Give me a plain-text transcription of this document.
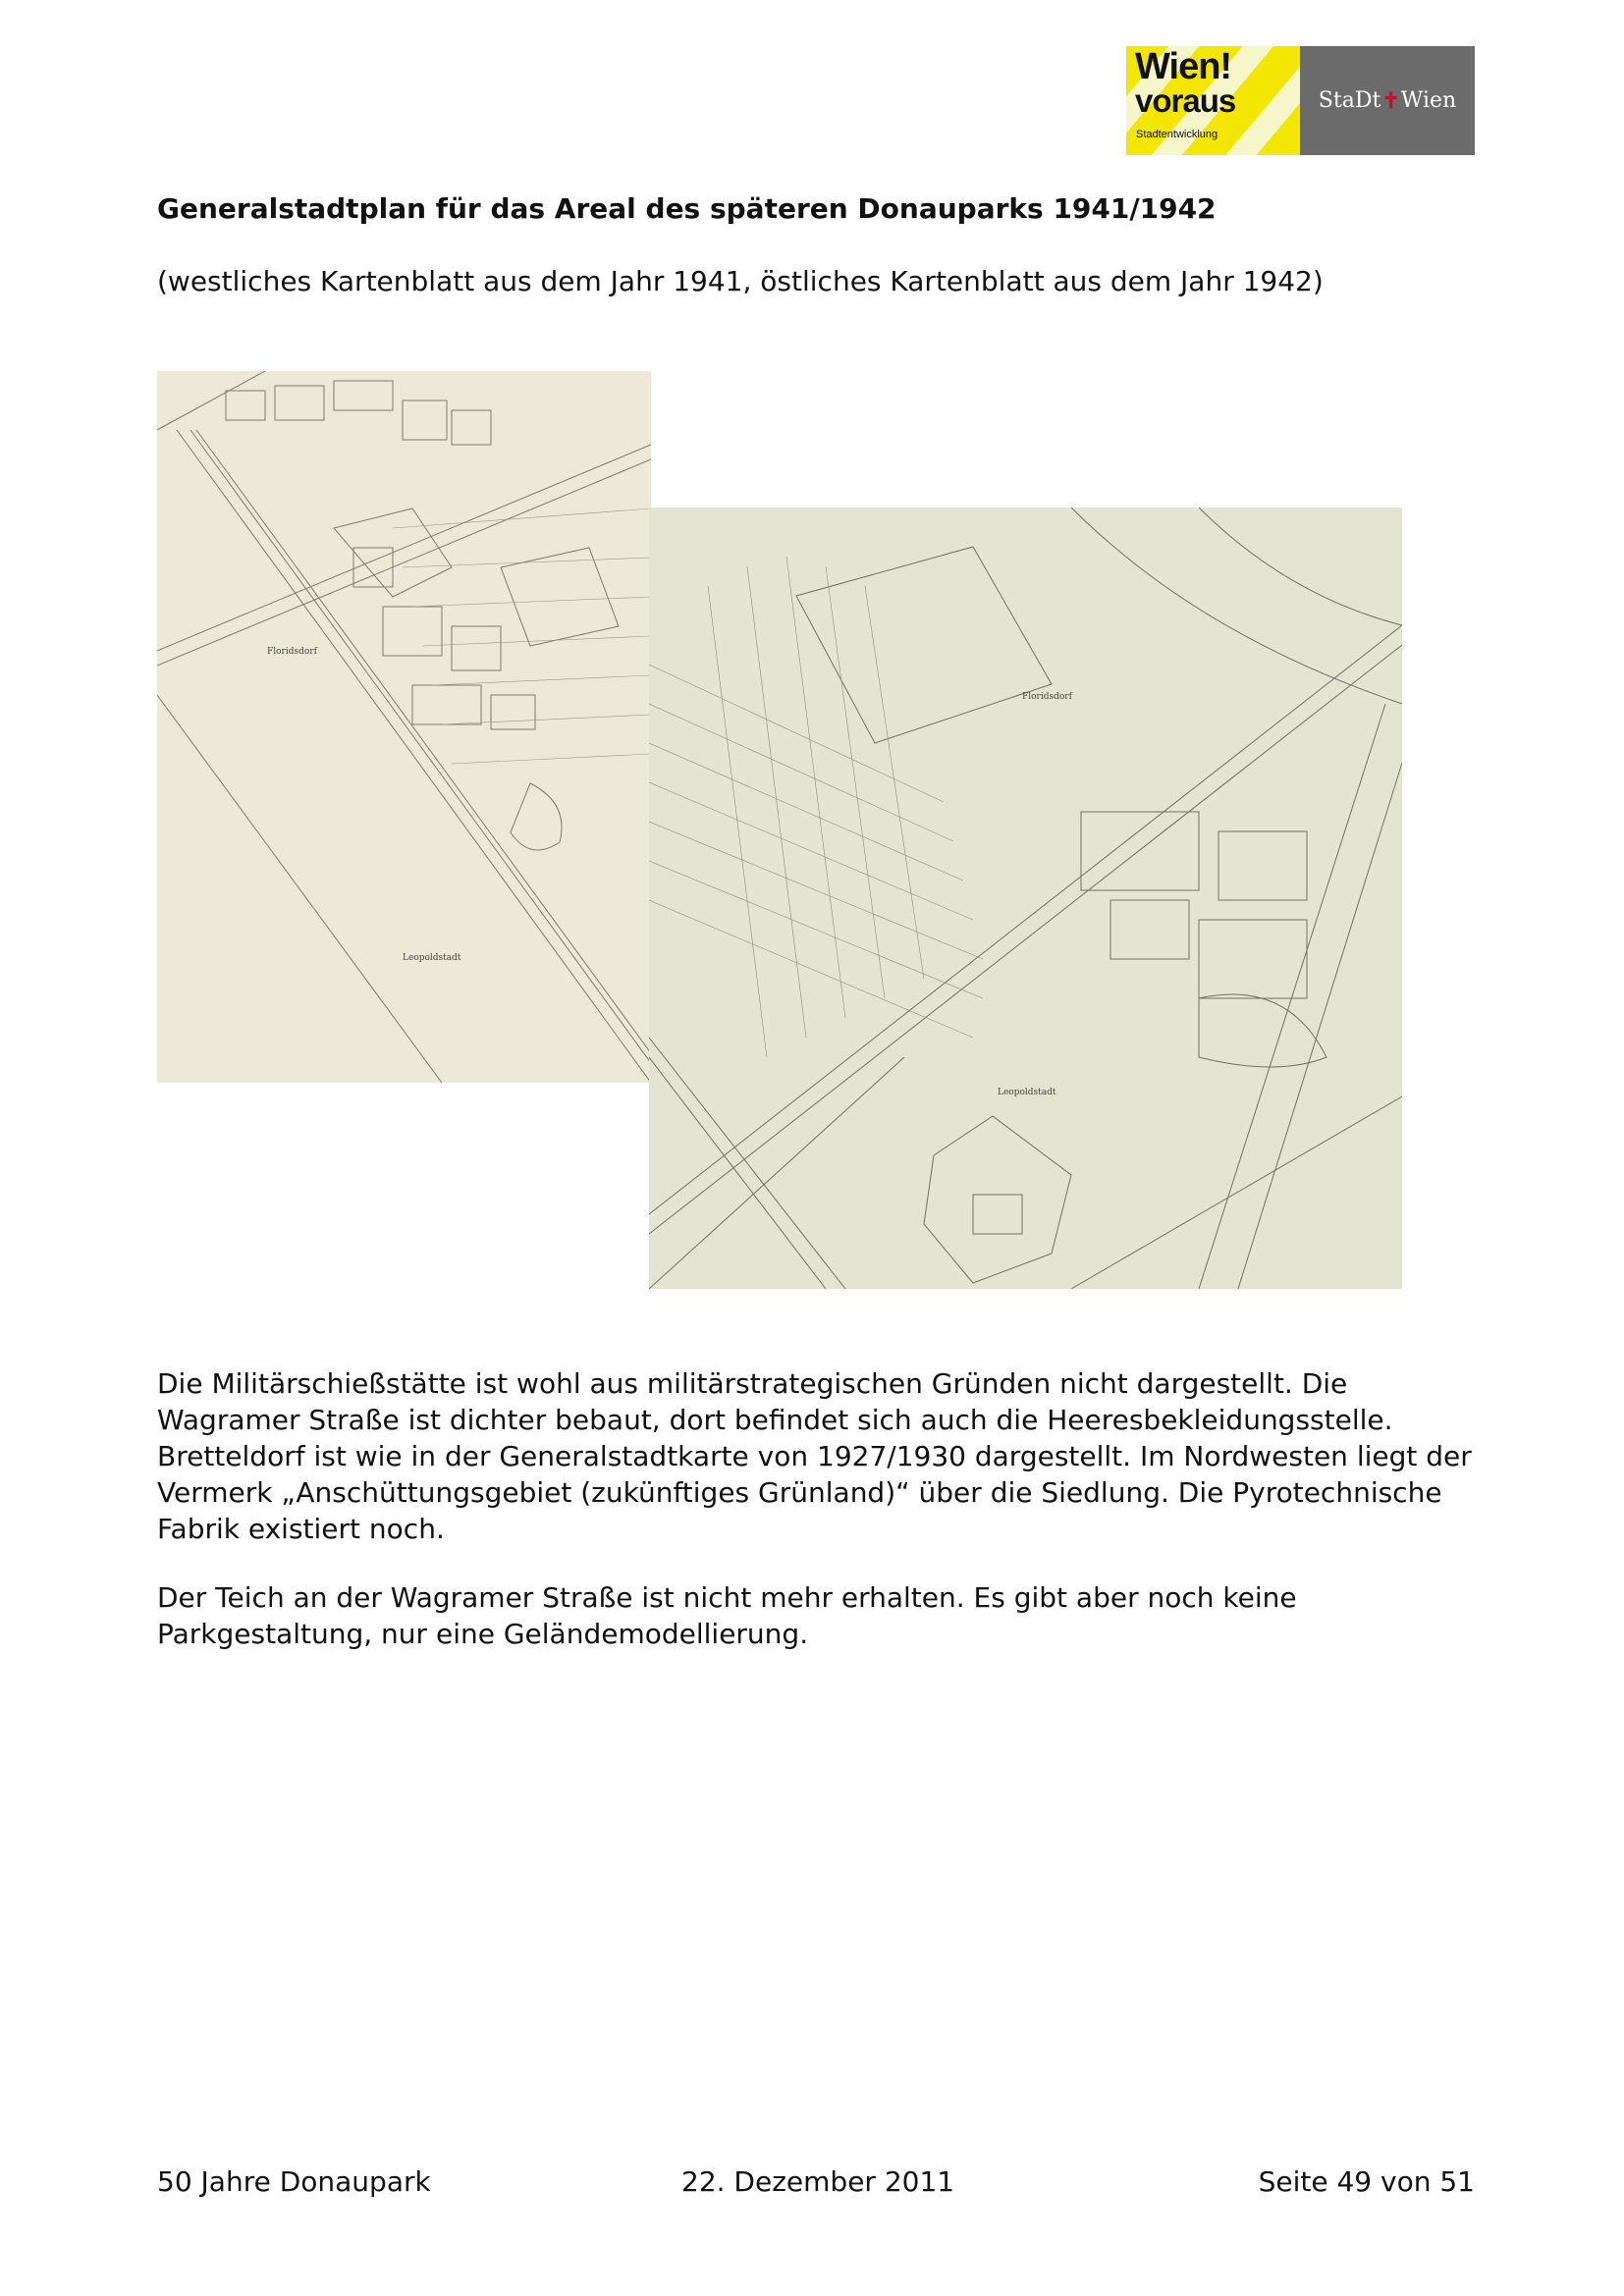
Wien!
voraus
Stadtentwicklung
StaDt ✝ Wien
Generalstadtplan für das Areal des späteren Donauparks 1941/1942

(westliches Kartenblatt aus dem Jahr 1941, östliches Kartenblatt aus dem Jahr 1942)

Floridsdorf
Leopoldstadt
Floridsdorf
Leopoldstadt

Die Militärschießstätte ist wohl aus militärstrategischen Gründen nicht dargestellt. Die Wagramer Straße ist dichter bebaut, dort befindet sich auch die Heeresbekleidungsstelle. Bretteldorf ist wie in der Generalstadtkarte von 1927/1930 dargestellt. Im Nordwesten liegt der Vermerk „Anschüttungsgebiet (zukünftiges Grünland)“ über die Siedlung. Die Pyrotechnische Fabrik existiert noch.

Der Teich an der Wagramer Straße ist nicht mehr erhalten. Es gibt aber noch keine Parkgestaltung, nur eine Geländemodellierung.

50 Jahre Donaupark	22. Dezember 2011	Seite 49 von 51
